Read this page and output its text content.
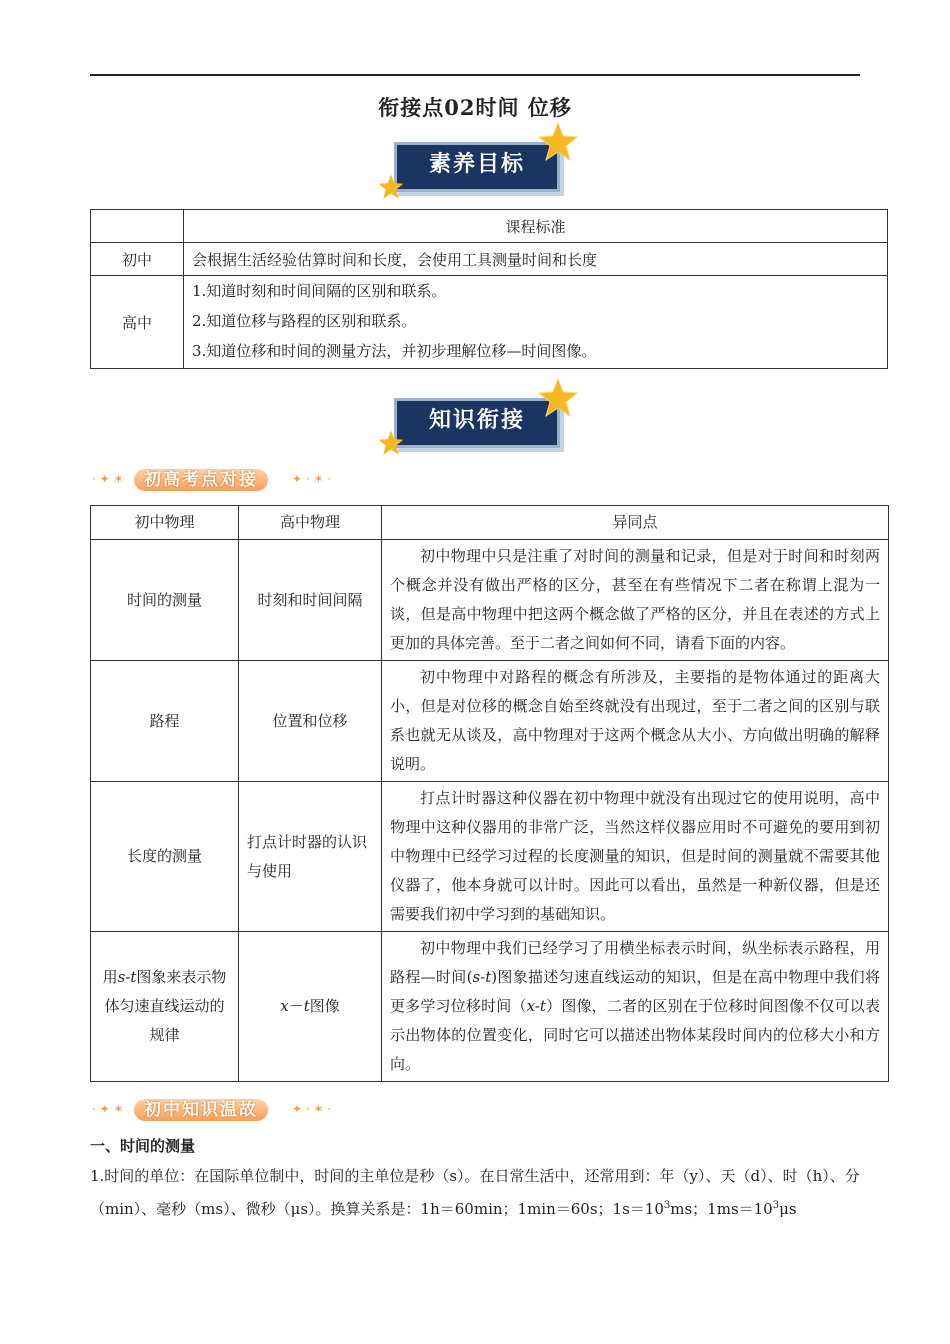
衔接点02时间 位移
素养目标
	课程标准
初中	会根据生活经验估算时间和长度，会使用工具测量时间和长度
高中	1.知道时刻和时间间隔的区别和联系。
2.知道位移与路程的区别和联系。
3.知道位移和时间的测量方法，并初步理解位移—时间图像。
知识衔接
· ✦ ✶	初高考点对接	✦ · ✶ ·
初中物理	高中物理	异同点
时间的测量	时刻和时间间隔	初中物理中只是注重了对时间的测量和记录，但是对于时间和时刻两个概念并没有做出严格的区分，甚至在有些情况下二者在称谓上混为一谈，但是高中物理中把这两个概念做了严格的区分，并且在表述的方式上更加的具体完善。至于二者之间如何不同，请看下面的内容。

路程	位置和位移	初中物理中对路程的概念有所涉及，主要指的是物体通过的距离大小，但是对位移的概念自始至终就没有出现过，至于二者之间的区别与联系也就无从谈及，高中物理对于这两个概念从大小、方向做出明确的解释说明。

长度的测量	打点计时器的认识与使用	打点计时器这种仪器在初中物理中就没有出现过它的使用说明，高中物理中这种仪器用的非常广泛，当然这样仪器应用时不可避免的要用到初中物理中已经学习过程的长度测量的知识，但是时间的测量就不需要其他仪器了，他本身就可以计时。因此可以看出，虽然是一种新仪器，但是还需要我们初中学习到的基础知识。

用s-t图象来表示物体匀速直线运动的规律	x－t图像	初中物理中我们已经学习了用横坐标表示时间，纵坐标表示路程，用路程—时间(s-t)图象描述匀速直线运动的知识，但是在高中物理中我们将更多学习位移时间（x-t）图像，二者的区别在于位移时间图像不仅可以表示出物体的位置变化，同时它可以描述出物体某段时间内的位移大小和方向。
· ✦ ✶	初中知识温故	✦ · ✶ ·
一、时间的测量
1.时间的单位：在国际单位制中，时间的主单位是秒（s）。在日常生活中，还常用到：年（y）、天（d）、时（h）、分（min）、毫秒（ms）、微秒（μs）。换算关系是：1h＝60min；1min＝60s；$1s=10^3ms$；$1ms=10^3\mu s$
